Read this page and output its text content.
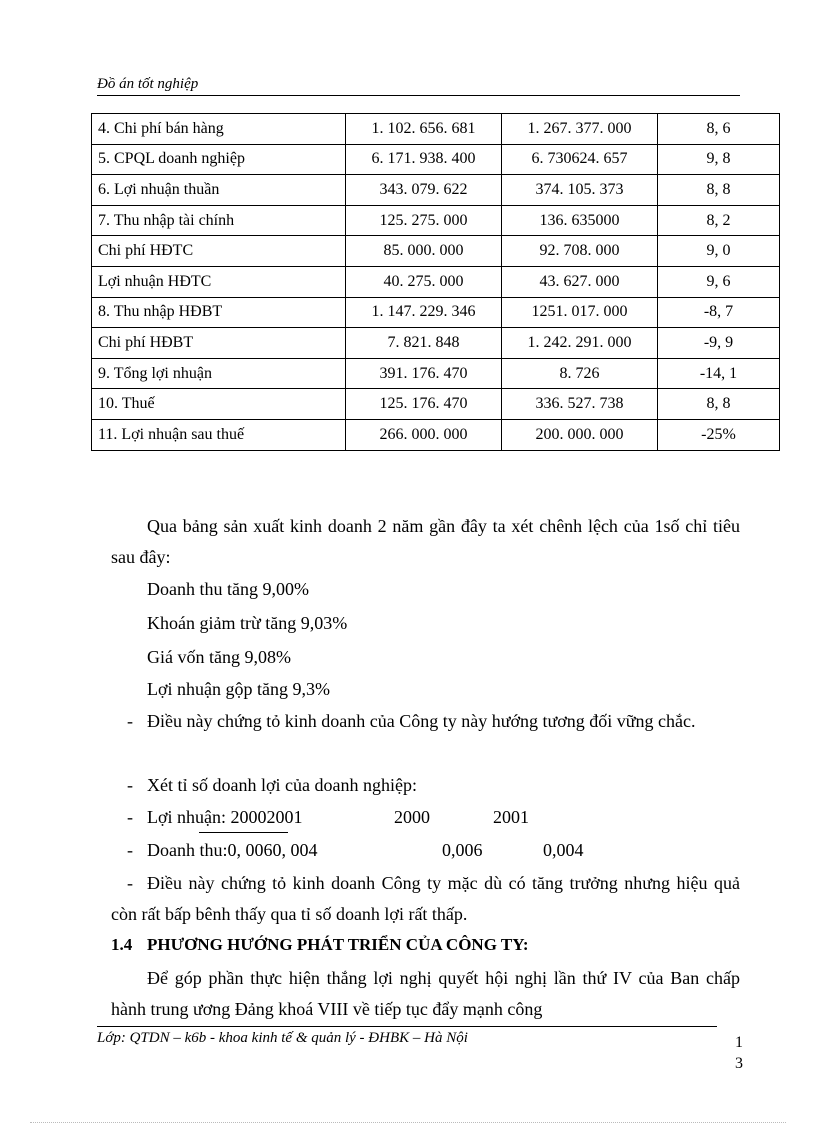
Đồ án tốt nghiệp
4. Chi phí bán hàng	1. 102. 656. 681	1. 267. 377. 000	8, 6
5. CPQL doanh nghiệp	6. 171. 938. 400	6. 730624. 657	9, 8
6. Lợi nhuận thuần	343. 079. 622	374. 105. 373	8, 8
7. Thu nhập tài chính	125. 275. 000	136. 635000	8, 2
Chi phí HĐTC	85. 000. 000	92. 708. 000	9, 0
Lợi nhuận HĐTC	40. 275. 000	43. 627. 000	9, 6
8. Thu nhập HĐBT	1. 147. 229. 346	1251. 017. 000	-8, 7
Chi phí HĐBT	7. 821. 848	1. 242. 291. 000	-9, 9
9. Tổng lợi nhuận	391. 176. 470	8. 726	-14, 1
10. Thuế	125. 176. 470	336. 527. 738	8, 8
11. Lợi nhuận sau thuế	266. 000. 000	200. 000. 000	-25%
Qua bảng sản xuất kinh doanh 2 năm gần đây ta xét chênh lệch của 1số chỉ tiêu sau đây:
Doanh thu tăng 9,00%
Khoán giảm trừ tăng 9,03%
Giá vốn tăng 9,08%
Lợi nhuận gộp tăng 9,3%
- Điều này chứng tỏ kinh doanh của Công ty này hướng tương đối vững chắc.
- Xét tỉ số doanh lợi của doanh nghiệp:
- Lợi nhuận: 20002001	2000	2001
- Doanh thu:0, 0060, 004	0,006	0,004
- Điều này chứng tỏ kinh doanh Công ty mặc dù có tăng trưởng nhưng hiệu quả còn rất bấp bênh thấy qua tỉ số doanh lợi rất thấp.
1.4 PHƯƠNG HƯỚNG PHÁT TRIỂN CỦA CÔNG TY:
Để góp phần thực hiện thắng lợi nghị quyết hội nghị lần thứ IV của Ban chấp hành trung ương Đảng khoá VIII về tiếp tục đẩy mạnh công
Lớp: QTDN – k6b - khoa kinh tế & quản lý - ĐHBK – Hà Nội	1
3
